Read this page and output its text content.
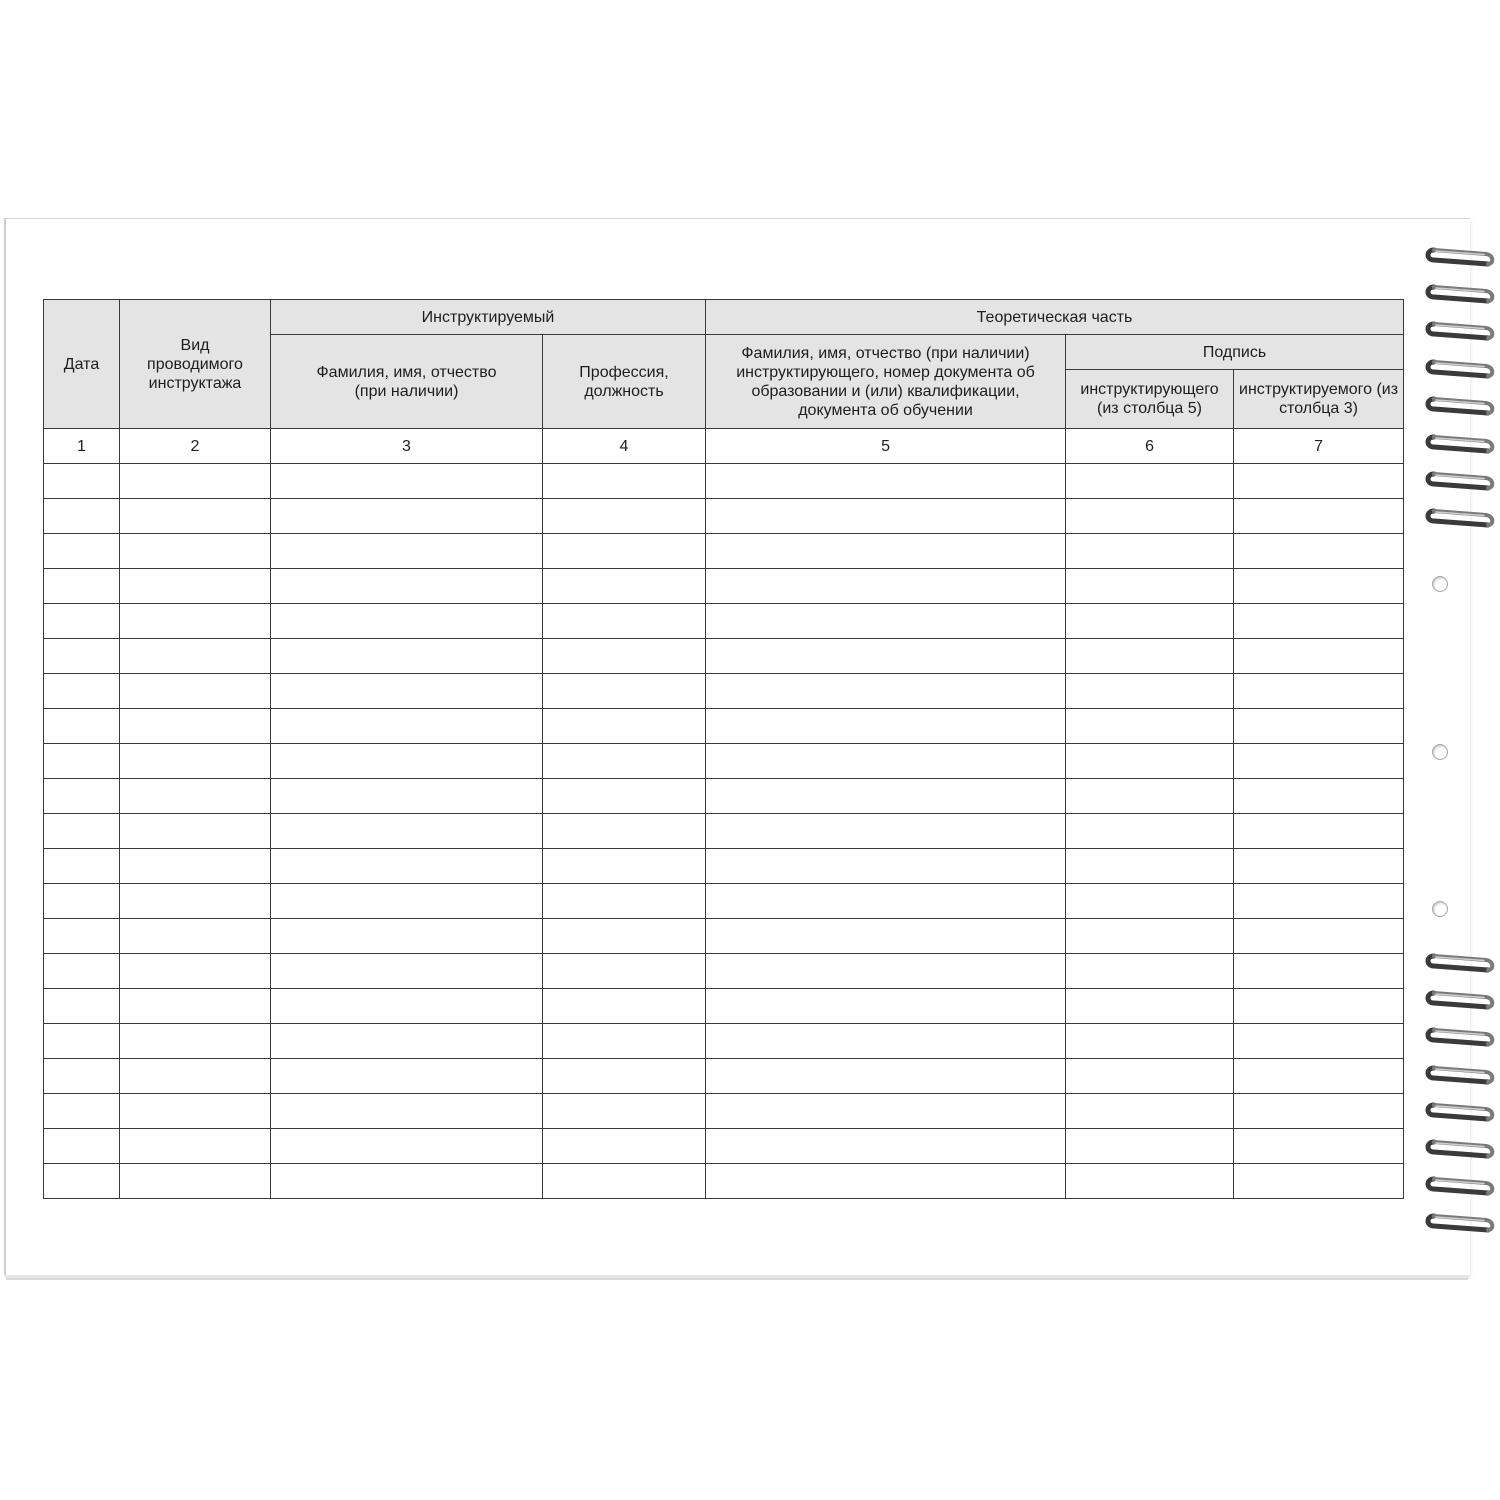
Дата	Вид проводимого инструктажа	Инструктируемый		Теоретическая часть		
		Фамилия, имя, отчество (при наличии)	Профессия, должность	Фамилия, имя, отчество (при наличии) инструктирующего, номер документа об образовании и (или) квалификации, документа об обучении	Подпись	
					инструктирующего (из столбца 5)	инструктируемого (из столбца 3)
1	2	3	4	5	6	7
